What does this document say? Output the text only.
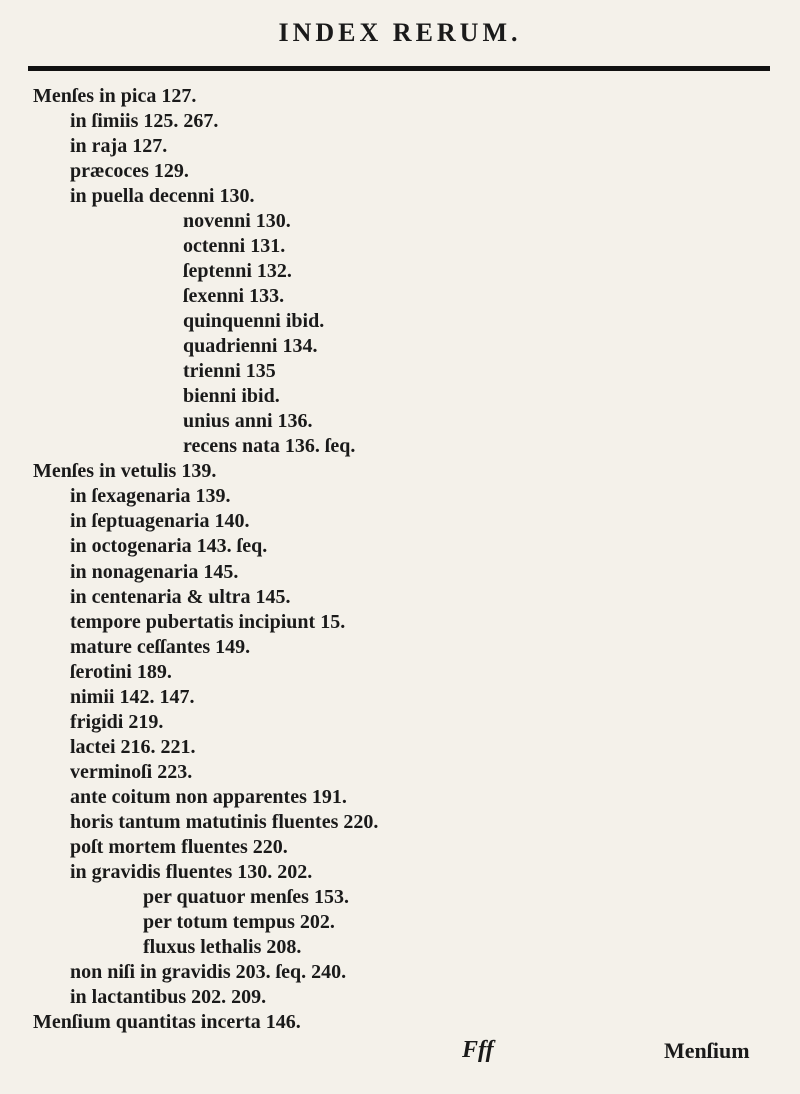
INDEX RERUM.
Menſes in pica 127.
in ſimiis 125. 267.
in raja 127.
præcoces 129.
in puella decenni 130.
novenni 130.
octenni 131.
ſeptenni 132.
ſexenni 133.
quinquenni ibid.
quadrienni 134.
trienni 135
bienni ibid.
unius anni 136.
recens nata 136. ſeq.
Menſes in vetulis 139.
in ſexagenaria 139.
in ſeptuagenaria 140.
in octogenaria 143. ſeq.
in nonagenaria 145.
in centenaria & ultra 145.
tempore pubertatis incipiunt 15.
mature ceſſantes 149.
ſerotini 189.
nimii 142. 147.
frigidi 219.
lactei 216. 221.
verminoſi 223.
ante coitum non apparentes 191.
horis tantum matutinis fluentes 220.
poſt mortem fluentes 220.
in gravidis fluentes 130. 202.
per quatuor menſes 153.
per totum tempus 202.
fluxus lethalis 208.
non niſi in gravidis 203. ſeq. 240.
in lactantibus 202. 209.
Menſium quantitas incerta 146.
Fff	Menſium
